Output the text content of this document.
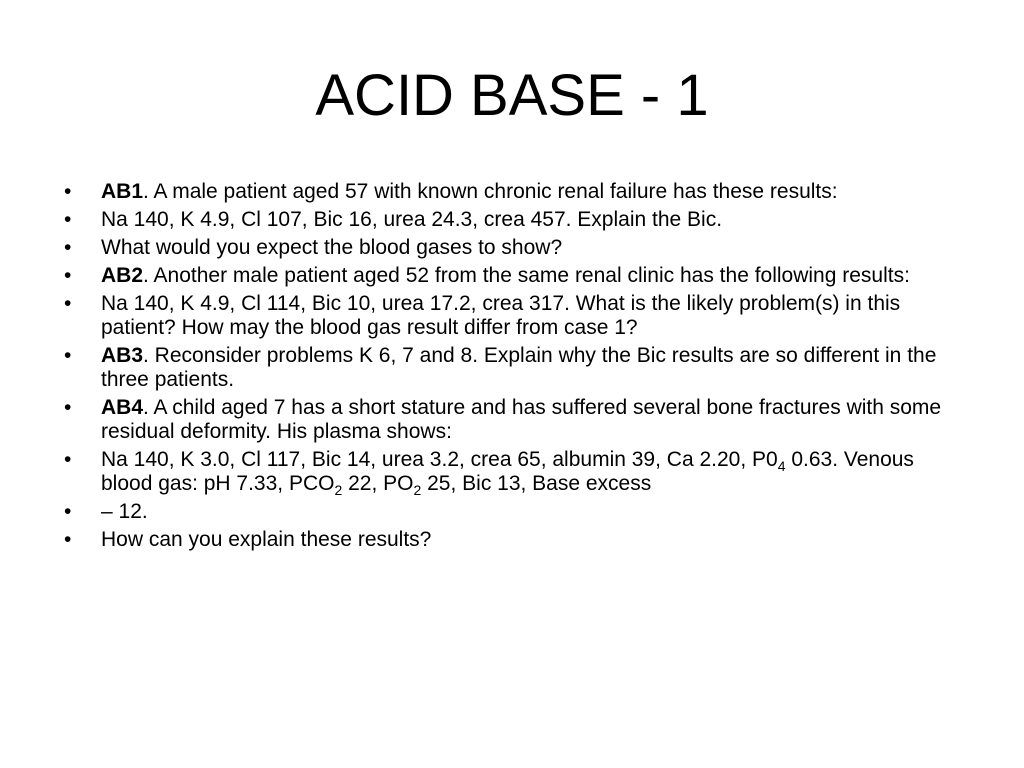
ACID BASE - 1
•	AB1. A male patient aged 57 with known chronic renal failure has these results:
•	Na 140, K 4.9, Cl 107, Bic 16, urea 24.3, crea 457. Explain the Bic.
•	What would you expect the blood gases to show?
•	AB2. Another male patient aged 52 from the same renal clinic has the following results:
•	Na 140, K 4.9, Cl 114, Bic 10, urea 17.2, crea 317. What is the likely problem(s) in this patient? How may the blood gas result differ from case 1?
•	AB3. Reconsider problems K 6, 7 and 8. Explain why the Bic results are so different in the three patients.
•	AB4. A child aged 7 has a short stature and has suffered several bone fractures with some residual deformity. His plasma shows:
•	Na 140, K 3.0, Cl 117, Bic 14, urea 3.2, crea 65, albumin 39, Ca 2.20, $P0_4$ 0.63. Venous blood gas: pH 7.33, $PCO_2$ 22, $PO_2$ 25, Bic 13, Base excess
•	– 12.
•	How can you explain these results?
